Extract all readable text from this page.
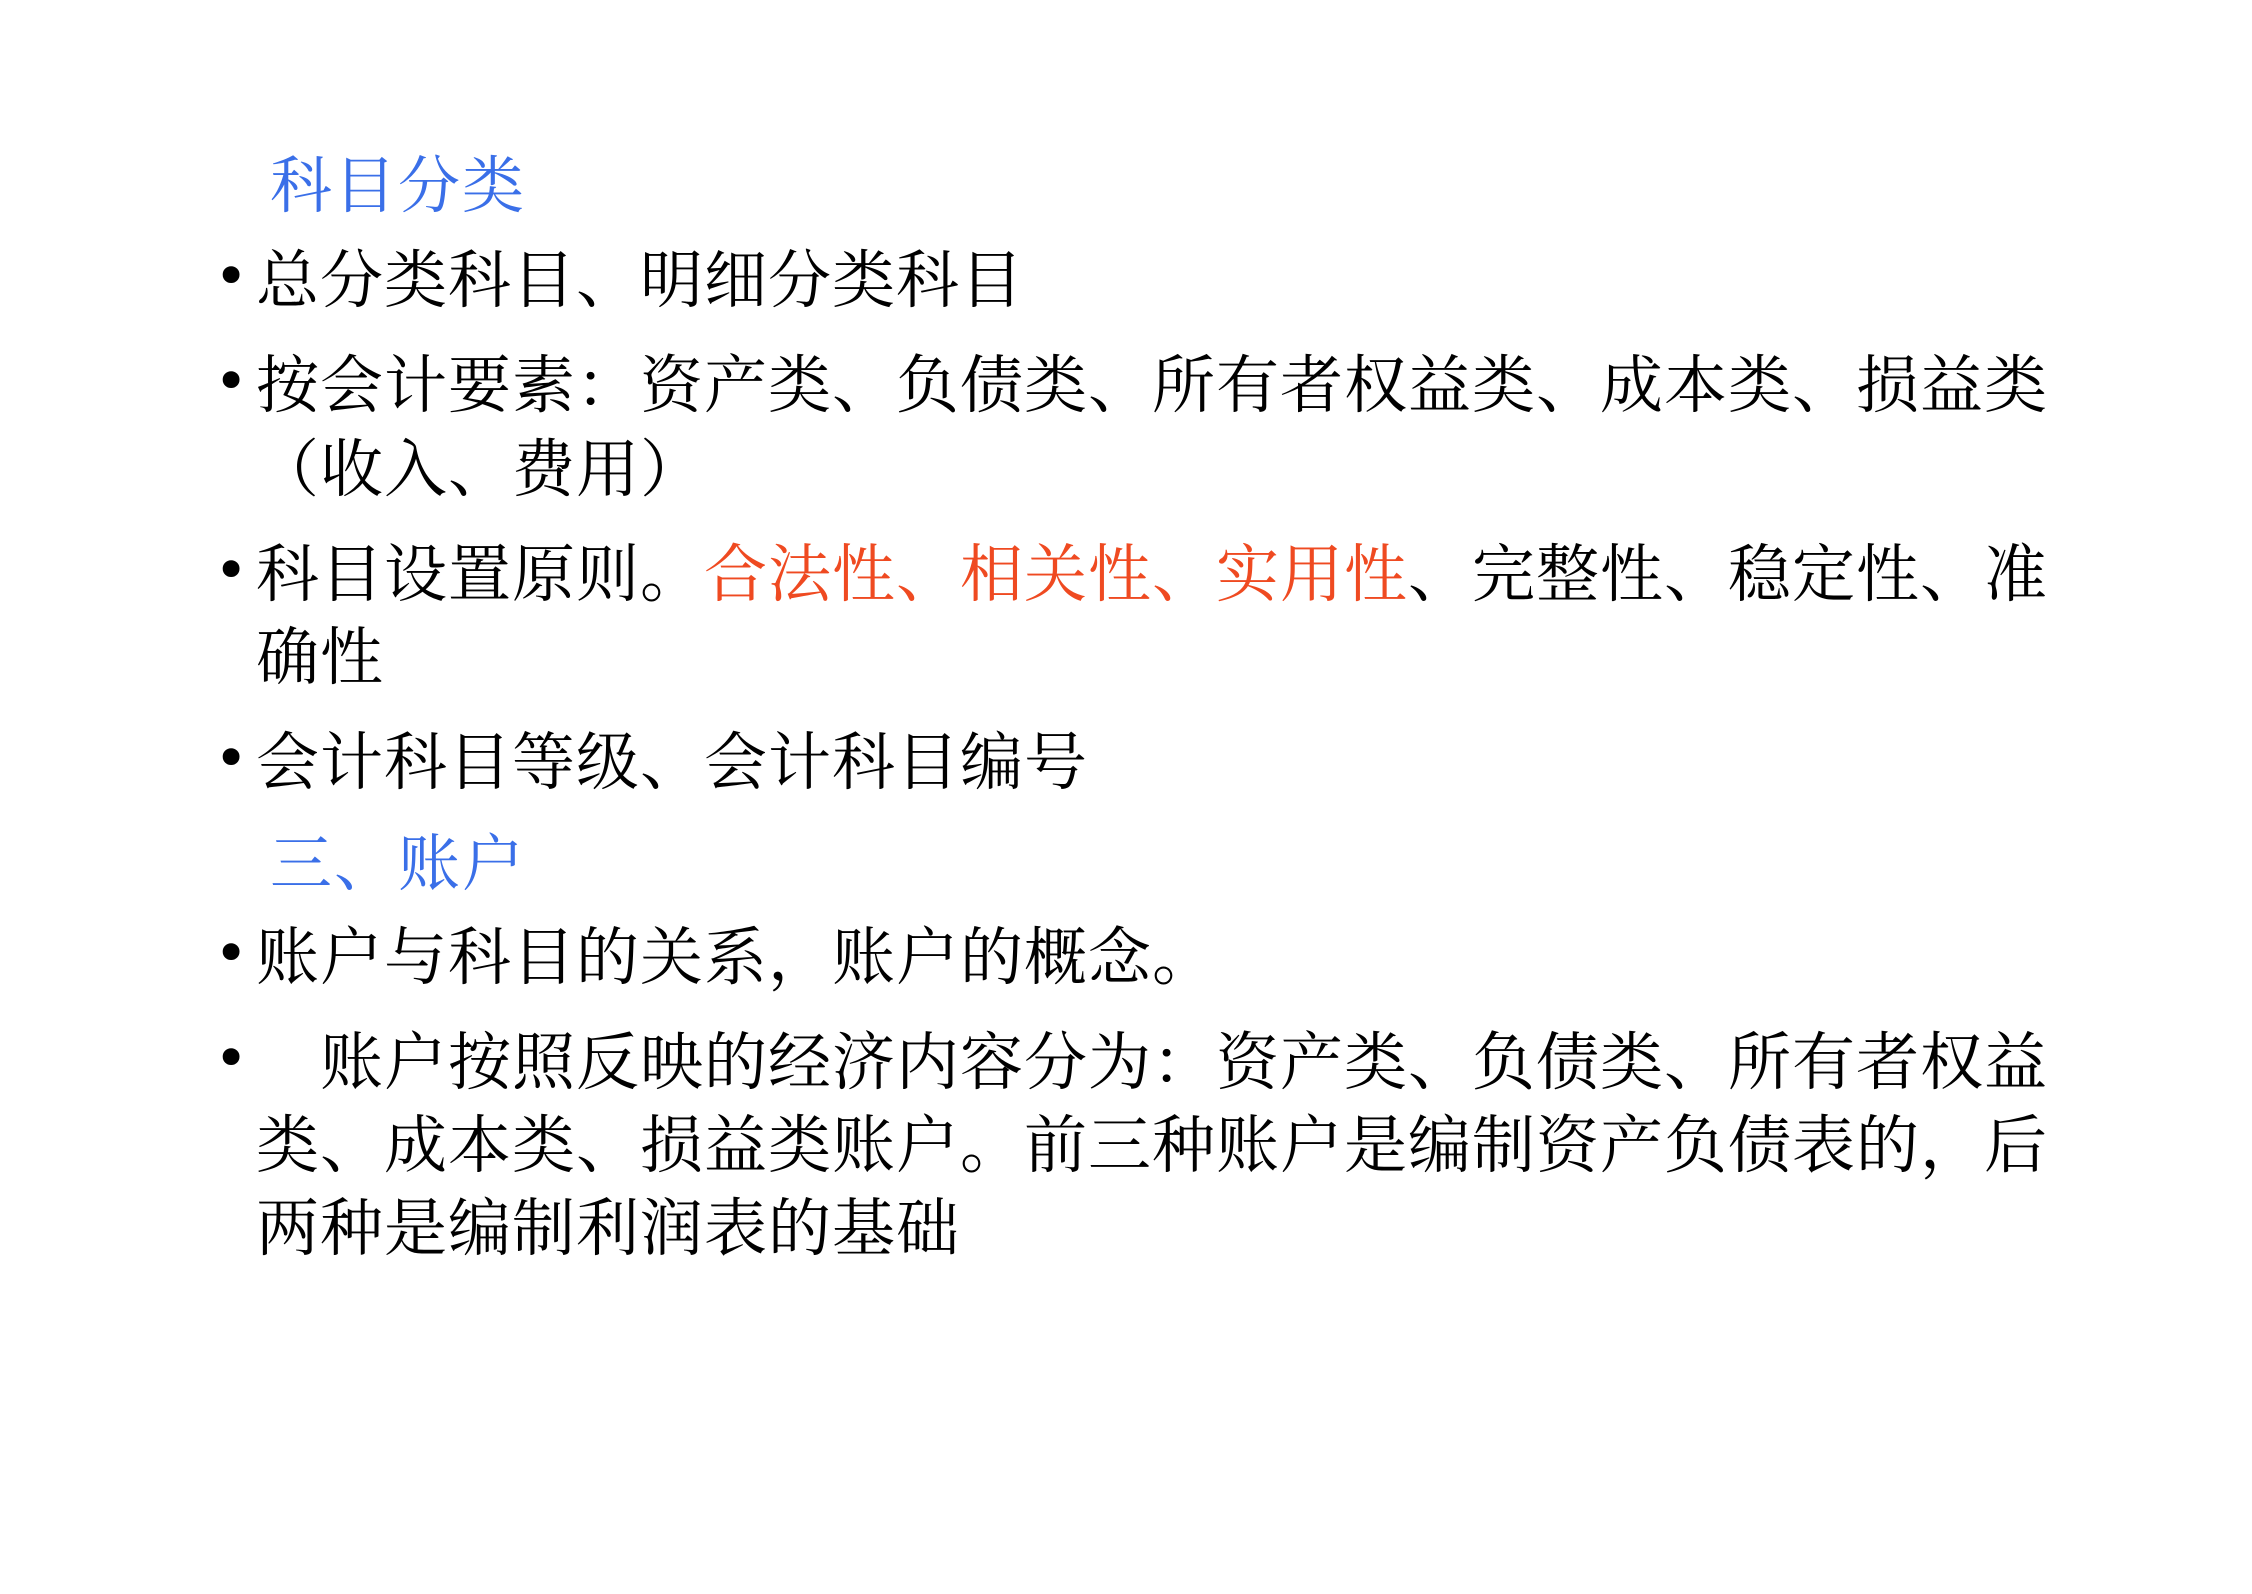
科目分类
• 总分类科目、明细分类科目
• 按会计要素：资产类、负债类、所有者权益类、成本类、损益类（收入、费用）
• 科目设置原则。合法性、相关性、实用性、完整性、稳定性、准确性
• 会计科目等级、会计科目编号
三、账户
• 账户与科目的关系，账户的概念。
•	账户按照反映的经济内容分为：资产类、负债类、所有者权益类、成本类、损益类账户。前三种账户是编制资产负债表的，后两种是编制利润表的基础
